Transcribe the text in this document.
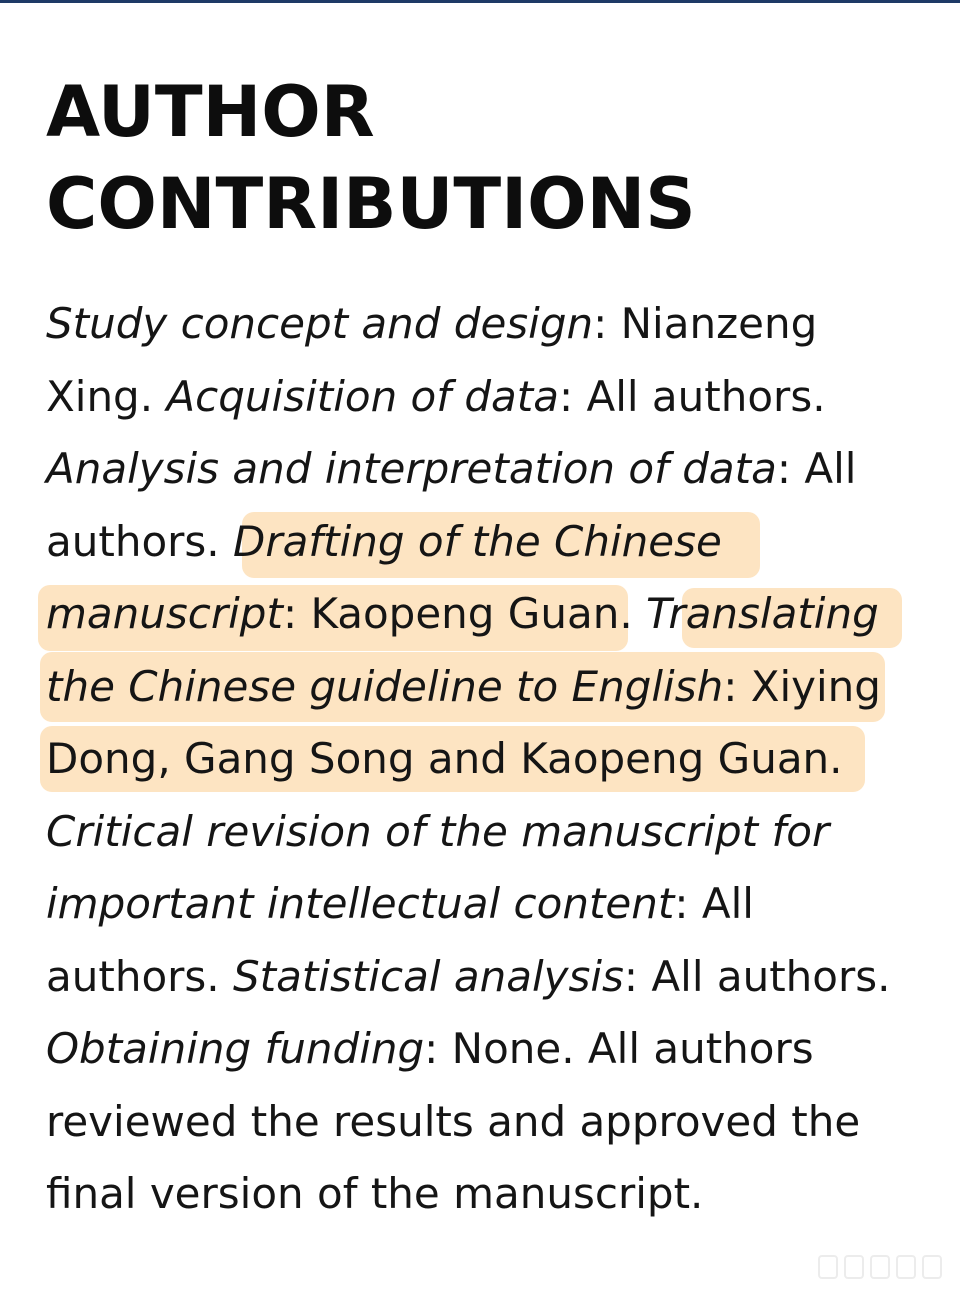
AUTHOR
CONTRIBUTIONS
Study concept and design: Nianzeng
Xing. Acquisition of data: All authors.
Analysis and interpretation of data: All
authors. Drafting of the Chinese
manuscript: Kaopeng Guan. Translating
the Chinese guideline to English: Xiying
Dong, Gang Song and Kaopeng Guan.
Critical revision of the manuscript for
important intellectual content: All
authors. Statistical analysis: All authors.
Obtaining funding: None. All authors
reviewed the results and approved the
final version of the manuscript.
